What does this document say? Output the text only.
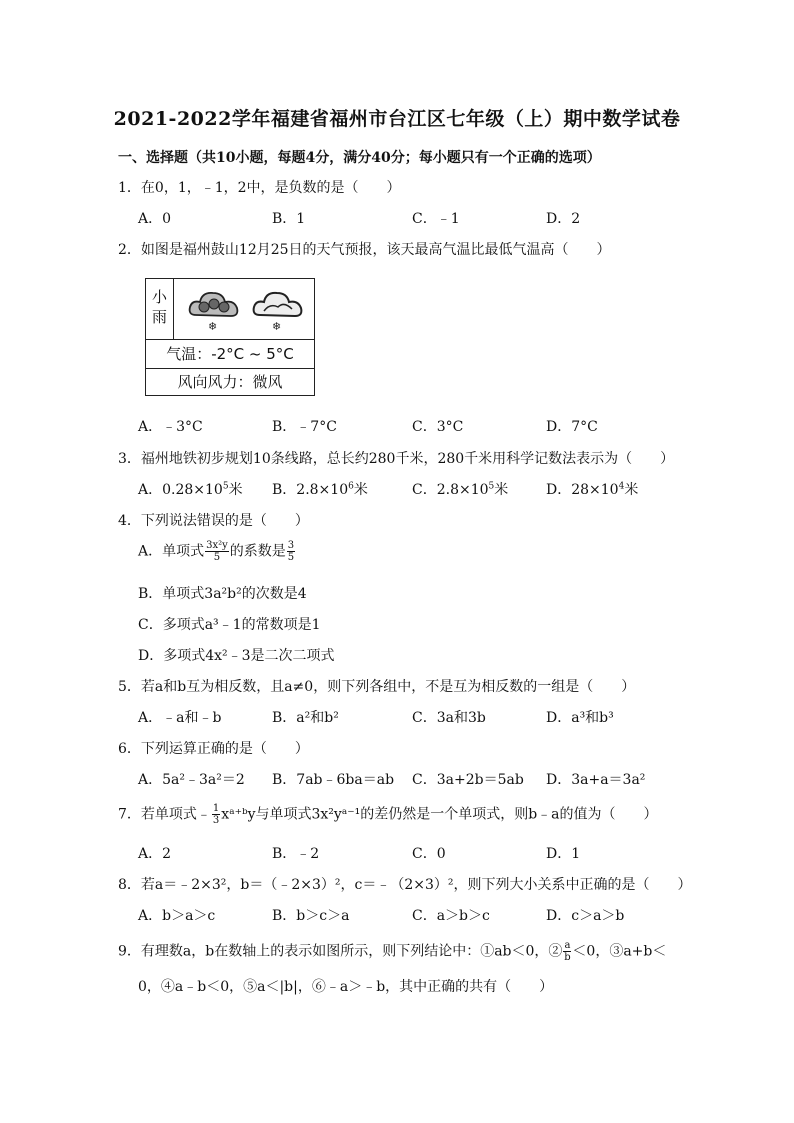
2021-2022学年福建省福州市台江区七年级（上）期中数学试卷
一、选择题（共10小题，每题4分，满分40分；每小题只有一个正确的选项）
1．在0，1，﹣1，2中，是负数的是（　　）
A．0	B．1	C．﹣1	D．2
2．如图是福州鼓山12月25日的天气预报，该天最高气温比最低气温高（　　）
小
雨
❄	❄
气温：-2°C ~ 5°C
风向风力：微风
A．﹣3°C	B．﹣7°C	C．3°C	D．7°C
3．福州地铁初步规划10条线路，总长约280千米，280千米用科学记数法表示为（　　）
A．$0.28\times 10^5$米 B．$2.8\times 10^6$米	C．$2.8\times 10^5$米	D．$28\times 10^4$米
4．下列说法错误的是（　　）
A．单项式 $\frac{\text{3x²y}}{5}$ 的系数是 $\frac{3}{5}$
B．单项式3a²b²的次数是4
C．多项式a³﹣1的常数项是1
D．多项式4x²﹣3是二次二项式
5．若a和b互为相反数，且a≠0，则下列各组中，不是互为相反数的一组是（　　）
A．﹣a和﹣b	B．a²和b²	C．3a和3b	D．a³和b³
6．下列运算正确的是（　　）
A．5a²﹣3a²＝2 B．7ab﹣6ba＝ab C．3a+2b＝5ab D．3a+a＝3a²
7．若单项式﹣ $\frac{1}{3}$ xᵃ⁺ᵇy与单项式3x²yᵃ⁻¹的差仍然是一个单项式，则b﹣a的值为（　　）
A．2	B．﹣2	C．0	D．1
8．若a＝﹣2×3²，b＝（﹣2×3）²，c＝﹣（2×3）²，则下列大小关系中正确的是（　　）
A．b＞a＞c	B．b＞c＞a	C．a＞b＞c	D．c＞a＞b
9．有理数a，b在数轴上的表示如图所示，则下列结论中：①ab＜0，② $\frac{a}{b} <0$，③a+b＜
0，④a﹣b＜0，⑤a＜|b|，⑥﹣a＞﹣b，其中正确的共有（　　）
